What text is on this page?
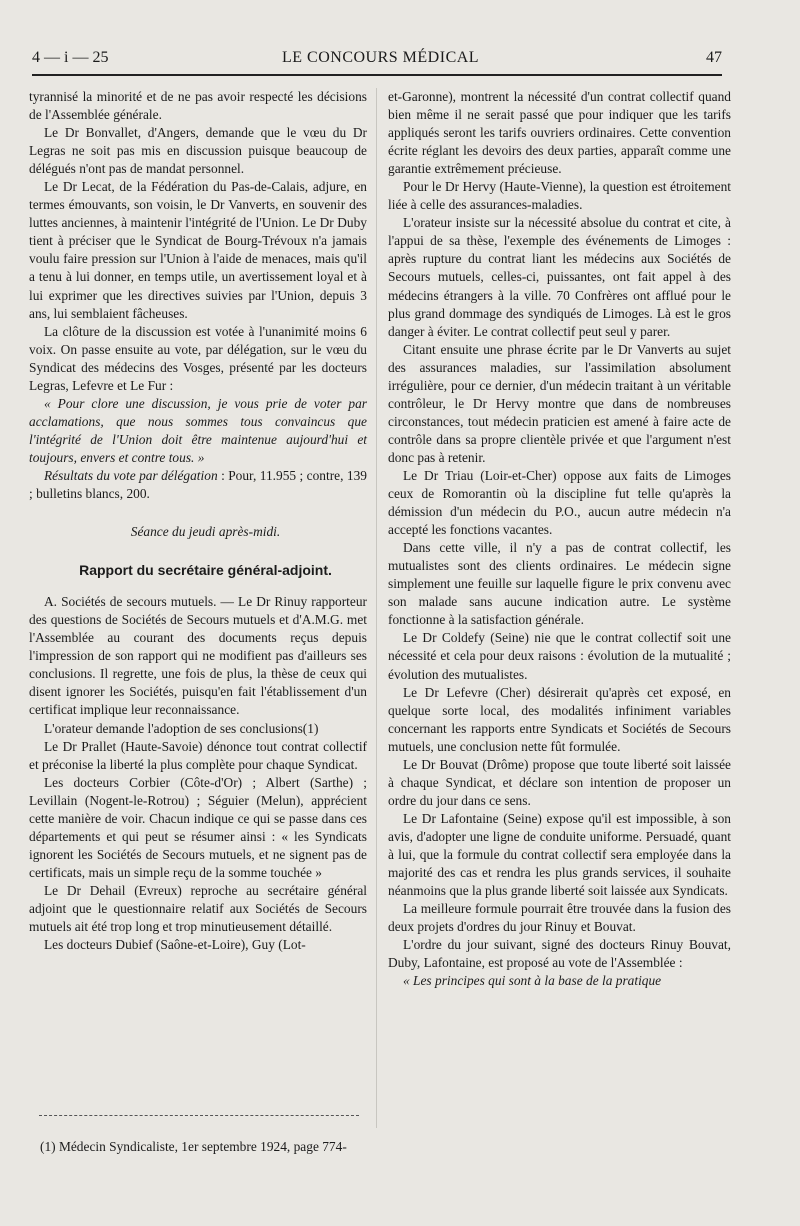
4 — i — 25	LE CONCOURS MÉDICAL	47

tyrannisé la minorité et de ne pas avoir respecté les décisions de l'Assemblée générale.

Le Dr Bonvallet, d'Angers, demande que le vœu du Dr Legras ne soit pas mis en discussion puisque beaucoup de délégués n'ont pas de mandat personnel.

Le Dr Lecat, de la Fédération du Pas-de-Calais, adjure, en termes émouvants, son voisin, le Dr Vanverts, en souvenir des luttes anciennes, à maintenir l'intégrité de l'Union. Le Dr Duby tient à préciser que le Syndicat de Bourg-Trévoux n'a jamais voulu faire pression sur l'Union à l'aide de menaces, mais qu'il a tenu à lui donner, en temps utile, un avertissement loyal et à lui exprimer que les directives suivies par l'Union, depuis 3 ans, lui semblaient fâcheuses.

La clôture de la discussion est votée à l'unanimité moins 6 voix. On passe ensuite au vote, par délégation, sur le vœu du Syndicat des médecins des Vosges, présenté par les docteurs Legras, Lefevre et Le Fur :

« Pour clore une discussion, je vous prie de voter par acclamations, que nous sommes tous convaincus que l'intégrité de l'Union doit être maintenue aujourd'hui et toujours, envers et contre tous. »

Résultats du vote par délégation : Pour, 11.955 ; contre, 139 ; bulletins blancs, 200.

Séance du jeudi après-midi.

Rapport du secrétaire général-adjoint.

A. Sociétés de secours mutuels. — Le Dr Rinuy rapporteur des questions de Sociétés de Secours mutuels et d'A.M.G. met l'Assemblée au courant des documents reçus depuis l'impression de son rapport qui ne modifient pas d'ailleurs ses conclusions. Il regrette, une fois de plus, la thèse de ceux qui disent ignorer les Sociétés, puisqu'en fait l'établissement d'un certificat implique leur reconnaissance.

L'orateur demande l'adoption de ses conclusions(1)

Le Dr Prallet (Haute-Savoie) dénonce tout contrat collectif et préconise la liberté la plus complète pour chaque Syndicat.

Les docteurs Corbier (Côte-d'Or) ; Albert (Sarthe) ; Levillain (Nogent-le-Rotrou) ; Séguier (Melun), apprécient cette manière de voir. Chacun indique ce qui se passe dans ces départements et qui peut se résumer ainsi : « les Syndicats ignorent les Sociétés de Secours mutuels, et ne signent pas de certificats, mais un simple reçu de la somme touchée »

Le Dr Dehail (Evreux) reproche au secrétaire général adjoint que le questionnaire relatif aux Sociétés de Secours mutuels ait été trop long et trop minutieusement détaillé.

Les docteurs Dubief (Saône-et-Loire), Guy (Lot-

(1) Médecin Syndicaliste, 1er septembre 1924, page 774-

et-Garonne), montrent la nécessité d'un contrat collectif quand bien même il ne serait passé que pour indiquer que les tarifs appliqués seront les tarifs ouvriers ordinaires. Cette convention écrite réglant les devoirs des deux parties, apparaît comme une garantie extrêmement précieuse.

Pour le Dr Hervy (Haute-Vienne), la question est étroitement liée à celle des assurances-maladies.

L'orateur insiste sur la nécessité absolue du contrat et cite, à l'appui de sa thèse, l'exemple des événements de Limoges : après rupture du contrat liant les médecins aux Sociétés de Secours mutuels, celles-ci, puissantes, ont fait appel à des médecins étrangers à la ville. 70 Confrères ont afflué pour le plus grand dommage des syndiqués de Limoges. Là est le gros danger à éviter. Le contrat collectif peut seul y parer.

Citant ensuite une phrase écrite par le Dr Vanverts au sujet des assurances maladies, sur l'assimilation absolument irrégulière, pour ce dernier, d'un médecin traitant à un véritable contrôleur, le Dr Hervy montre que dans de nombreuses circonstances, tout médecin praticien est amené à faire acte de contrôle dans sa propre clientèle privée et que l'argument n'est donc pas à retenir.

Le Dr Triau (Loir-et-Cher) oppose aux faits de Limoges ceux de Romorantin où la discipline fut telle qu'après la démission d'un médecin du P.O., aucun autre médecin n'a accepté les fonctions vacantes.

Dans cette ville, il n'y a pas de contrat collectif, les mutualistes sont des clients ordinaires. Le médecin signe simplement une feuille sur laquelle figure le prix convenu avec son malade sans aucune indication autre. Le système fonctionne à la satisfaction générale.

Le Dr Coldefy (Seine) nie que le contrat collectif soit une nécessité et cela pour deux raisons : évolution de la mutualité ; évolution des mutualistes.

Le Dr Lefevre (Cher) désirerait qu'après cet exposé, en quelque sorte local, des modalités infiniment variables concernant les rapports entre Syndicats et Sociétés de Secours mutuels, une conclusion nette fût formulée.

Le Dr Bouvat (Drôme) propose que toute liberté soit laissée à chaque Syndicat, et déclare son intention de proposer un ordre du jour dans ce sens.

Le Dr Lafontaine (Seine) expose qu'il est impossible, à son avis, d'adopter une ligne de conduite uniforme. Persuadé, quant à lui, que la formule du contrat collectif sera employée dans la majorité des cas et rendra les plus grands services, il souhaite néanmoins que la plus grande liberté soit laissée aux Syndicats.

La meilleure formule pourrait être trouvée dans la fusion des deux projets d'ordres du jour Rinuy et Bouvat.

L'ordre du jour suivant, signé des docteurs Rinuy Bouvat, Duby, Lafontaine, est proposé au vote de l'Assemblée :

« Les principes qui sont à la base de la pratique
